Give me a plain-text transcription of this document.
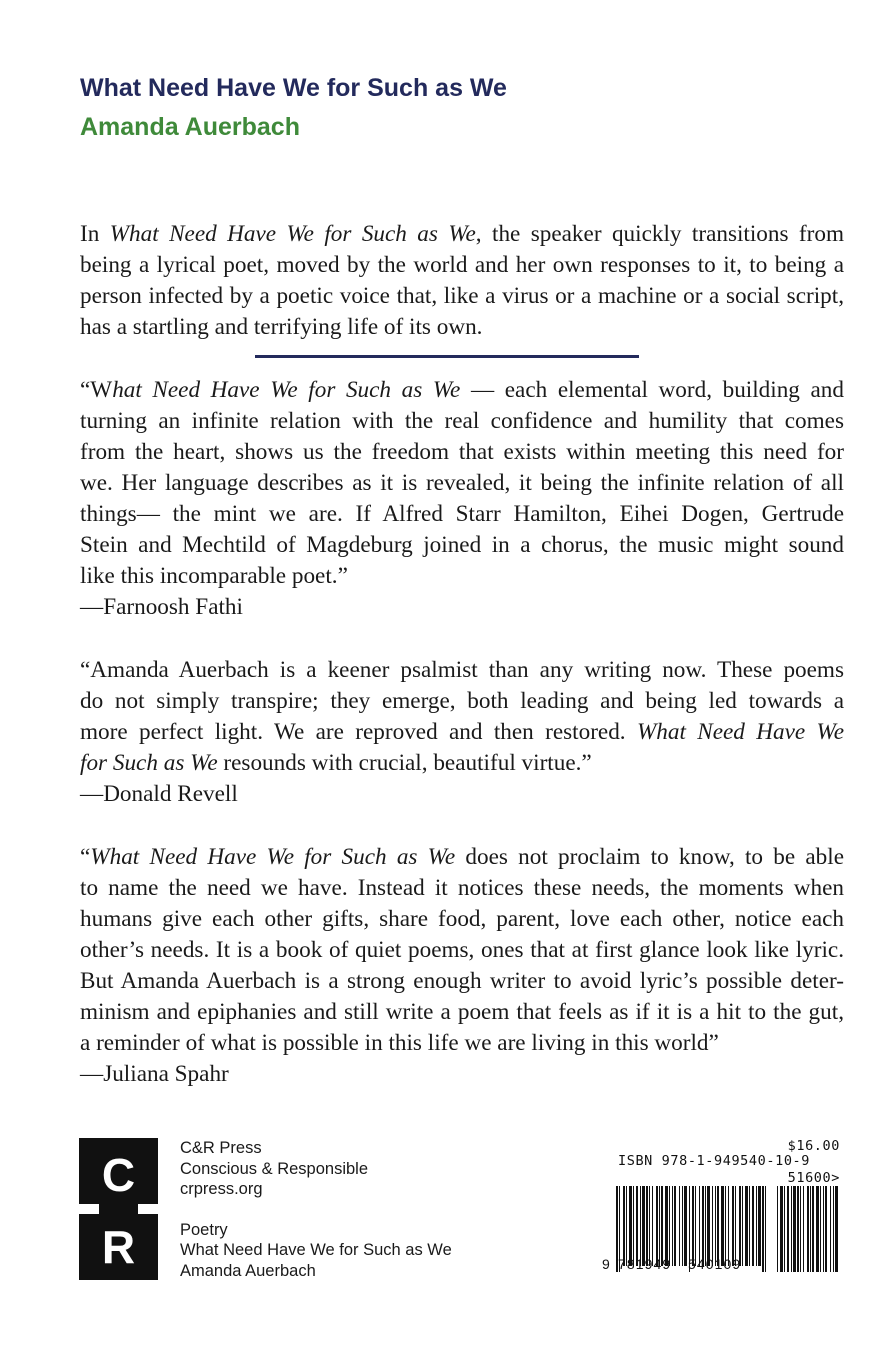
What Need Have We for Such as We
Amanda Auerbach
In What Need Have We for Such as We, the speaker quickly transitions from
being a lyrical poet, moved by the world and her own responses to it, to being a
person infected by a poetic voice that, like a virus or a machine or a social script,
has a startling and terrifying life of its own.
“What Need Have We for Such as We — each elemental word, building and
turning an infinite relation with the real confidence and humility that comes
from the heart, shows us the freedom that exists within meeting this need for
we. Her language describes as it is revealed, it being the infinite relation of all
things— the mint we are. If Alfred Starr Hamilton, Eihei Dogen, Gertrude
Stein and Mechtild of Magdeburg joined in a chorus, the music might sound
like this incomparable poet.”
—Farnoosh Fathi
“Amanda Auerbach is a keener psalmist than any writing now. These poems
do not simply transpire; they emerge, both leading and being led towards a
more perfect light. We are reproved and then restored. What Need Have We
for Such as We resounds with crucial, beautiful virtue.”
—Donald Revell
“What Need Have We for Such as We does not proclaim to know, to be able
to name the need we have. Instead it notices these needs, the moments when
humans give each other gifts, share food, parent, love each other, notice each
other’s needs. It is a book of quiet poems, ones that at first glance look like lyric.
But Amanda Auerbach is a strong enough writer to avoid lyric’s possible deter-
minism and epiphanies and still write a poem that feels as if it is a hit to the gut,
a reminder of what is possible in this life we are living in this world”
—Juliana Spahr
C
R
C&R Press
Conscious & Responsible
crpress.org
Poetry
What Need Have We for Such as We
Amanda Auerbach
$16.00
ISBN 978-1-949540-10-9
51600>
9 781949 540109
